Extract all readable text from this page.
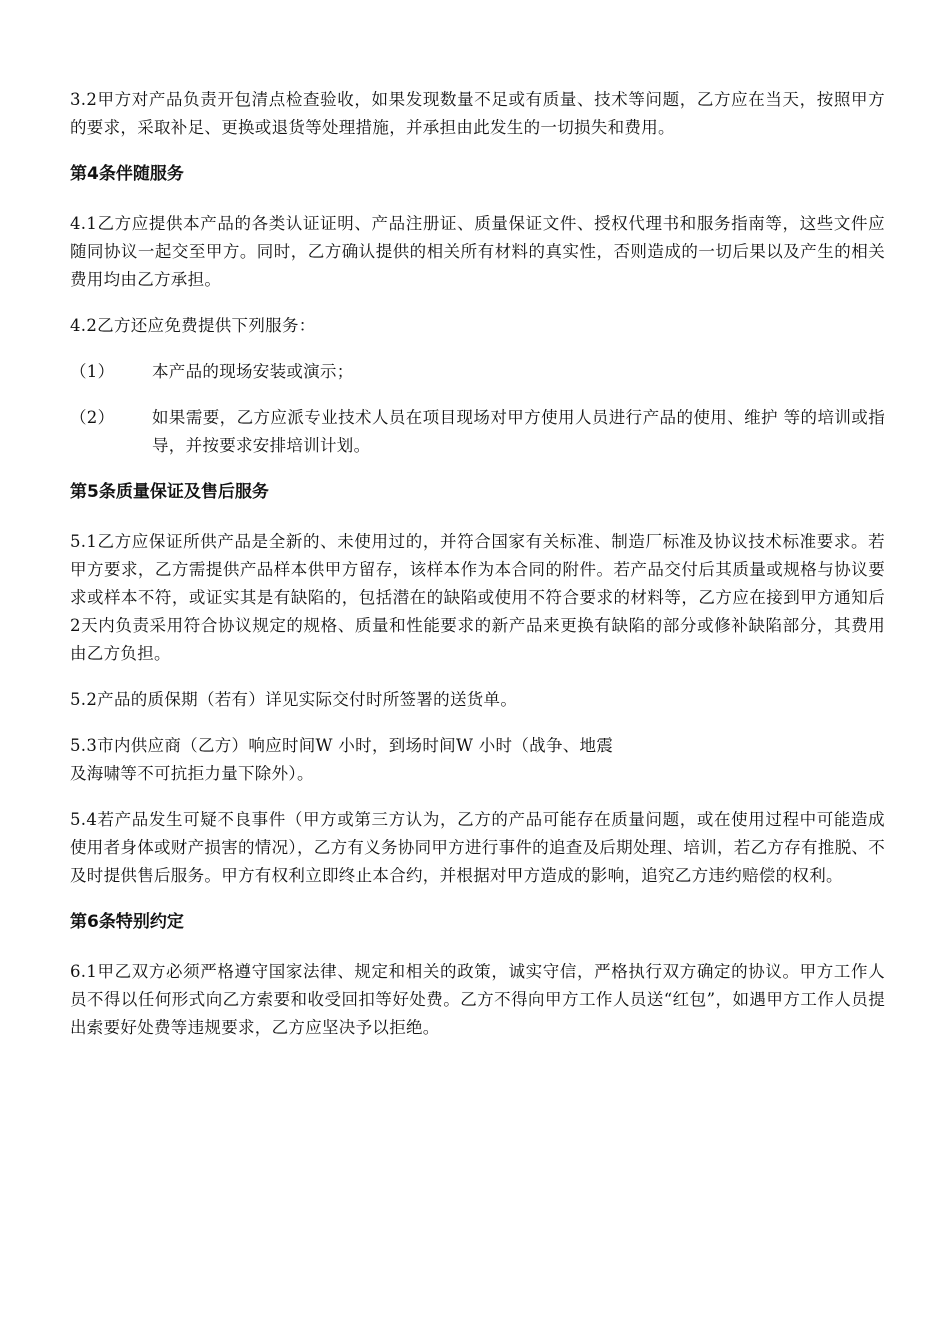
3.2甲方对产品负责开包清点检查验收，如果发现数量不足或有质量、技术等问题，乙方应在当天，按照甲方的要求，采取补足、更换或退货等处理措施，并承担由此发生的一切损失和费用。

第4条伴随服务

4.1乙方应提供本产品的各类认证证明、产品注册证、质量保证文件、授权代理书和服务指南等，这些文件应随同协议一起交至甲方。同时，乙方确认提供的相关所有材料的真实性，否则造成的一切后果以及产生的相关费用均由乙方承担。

4.2乙方还应免费提供下列服务：

（1）	本产品的现场安装或演示；
（2）	如果需要，乙方应派专业技术人员在项目现场对甲方使用人员进行产品的使用、维护 等的培训或指导，并按要求安排培训计划。
第5条质量保证及售后服务

5.1乙方应保证所供产品是全新的、未使用过的，并符合国家有关标准、制造厂标准及协议技术标准要求。若甲方要求，乙方需提供产品样本供甲方留存，该样本作为本合同的附件。若产品交付后其质量或规格与协议要求或样本不符，或证实其是有缺陷的，包括潜在的缺陷或使用不符合要求的材料等，乙方应在接到甲方通知后2天内负责采用符合协议规定的规格、质量和性能要求的新产品来更换有缺陷的部分或修补缺陷部分，其费用由乙方负担。

5.2产品的质保期（若有）详见实际交付时所签署的送货单。

5.3市内供应商（乙方）响应时间W 小时，到场时间W 小时（战争、地震
及海啸等不可抗拒力量下除外）。

5.4若产品发生可疑不良事件（甲方或第三方认为，乙方的产品可能存在质量问题，或在使用过程中可能造成使用者身体或财产损害的情况），乙方有义务协同甲方进行事件的追查及后期处理、培训，若乙方存有推脱、不及时提供售后服务。甲方有权利立即终止本合约，并根据对甲方造成的影响，追究乙方违约赔偿的权利。

第6条特别约定

6.1甲乙双方必须严格遵守国家法律、规定和相关的政策，诚实守信，严格执行双方确定的协议。甲方工作人员不得以任何形式向乙方索要和收受回扣等好处费。乙方不得向甲方工作人员送“红包”，如遇甲方工作人员提出索要好处费等违规要求，乙方应坚决予以拒绝。
